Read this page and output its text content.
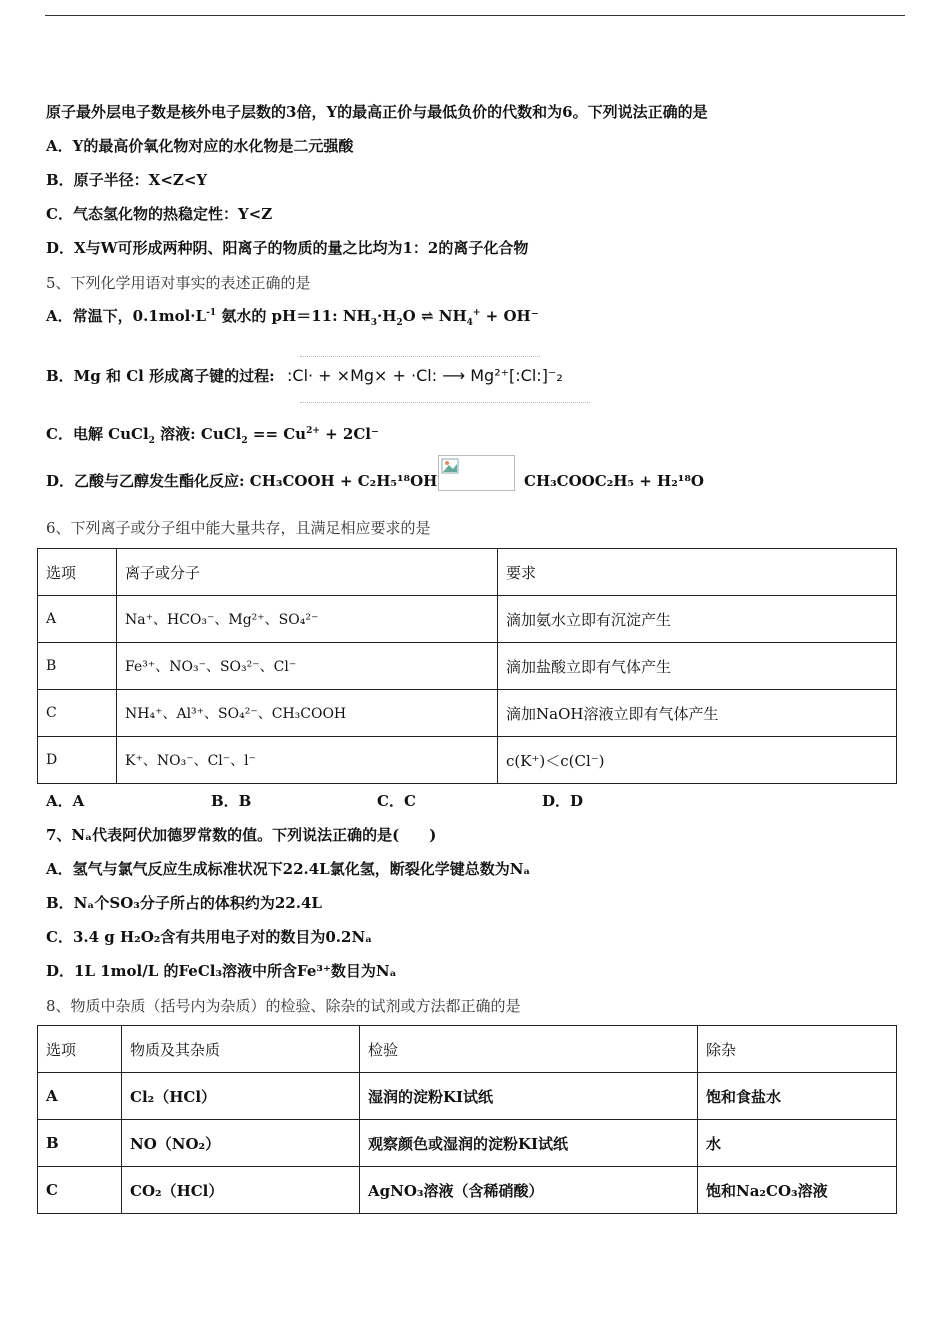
原子最外层电子数是核外电子层数的3倍，Y的最高正价与最低负价的代数和为6。下列说法正确的是
A．Y的最高价氧化物对应的水化物是二元强酸
B．原子半径：X<Z<Y
C．气态氢化物的热稳定性：Y<Z
D．X与W可形成两种阴、阳离子的物质的量之比均为1：2的离子化合物
5、下列化学用语对事实的表述正确的是
A．常温下，$0.1mol\cdot L^{-1}$ 氨水的 pH＝11: $NH_3\cdot H_2O$ ⇌ $NH_4^+ + OH^-$
B．Mg 和 Cl 形成离子键的过程: :Cl· + ×Mg× + ·Cl: ⟶ Mg²⁺[:Cl:]⁻₂
C．电解 CuCl$_2$ 溶液: CuCl$_2$ == $Cu^{2+} + 2Cl^-$
D．乙酸与乙醇发生酯化反应: CH₃COOH + C₂H₅¹⁸OH	CH₃COOC₂H₅ + H₂¹⁸O
6、下列离子或分子组中能大量共存，且满足相应要求的是
选项	离子或分子	要求
A	Na⁺、HCO₃⁻、Mg²⁺、SO₄²⁻	滴加氨水立即有沉淀产生
B	Fe³⁺、NO₃⁻、SO₃²⁻、Cl⁻	滴加盐酸立即有气体产生
C	NH₄⁺、Al³⁺、SO₄²⁻、CH₃COOH	滴加NaOH溶液立即有气体产生
D	K⁺、NO₃⁻、Cl⁻、l⁻	c(K⁺)＜c(Cl⁻)
A．A	B．B	C．C	D．D
7、Nₐ代表阿伏加德罗常数的值。下列说法正确的是(　　)
A．氢气与氯气反应生成标准状况下22.4L氯化氢，断裂化学键总数为Nₐ
B．Nₐ个SO₃分子所占的体积约为22.4L
C．3.4 g H₂O₂含有共用电子对的数目为0.2Nₐ
D．1L 1mol/L 的FeCl₃溶液中所含Fe³⁺数目为Nₐ
8、物质中杂质（括号内为杂质）的检验、除杂的试剂或方法都正确的是
选项	物质及其杂质	检验	除杂
A	Cl₂（HCl）	湿润的淀粉KI试纸	饱和食盐水
B	NO（NO₂）	观察颜色或湿润的淀粉KI试纸	水
C	CO₂（HCl）	AgNO₃溶液（含稀硝酸）	饱和Na₂CO₃溶液
